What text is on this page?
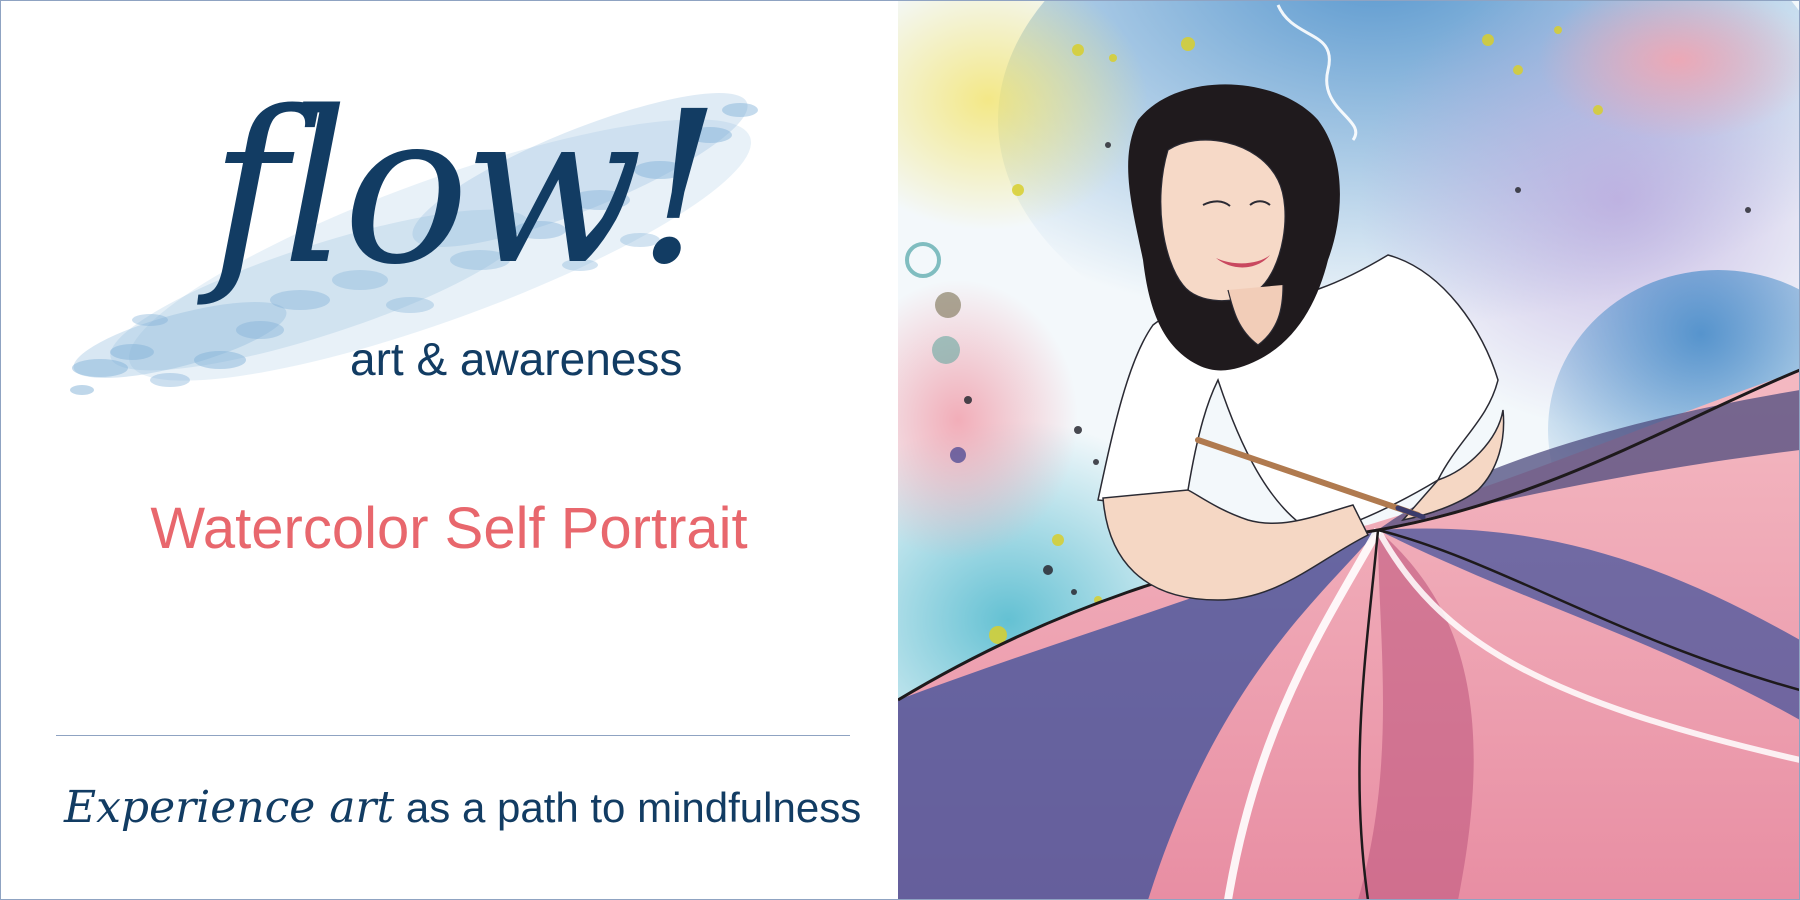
flow!
art & awareness
Watercolor Self Portrait
Experience art as a path to mindfulness
